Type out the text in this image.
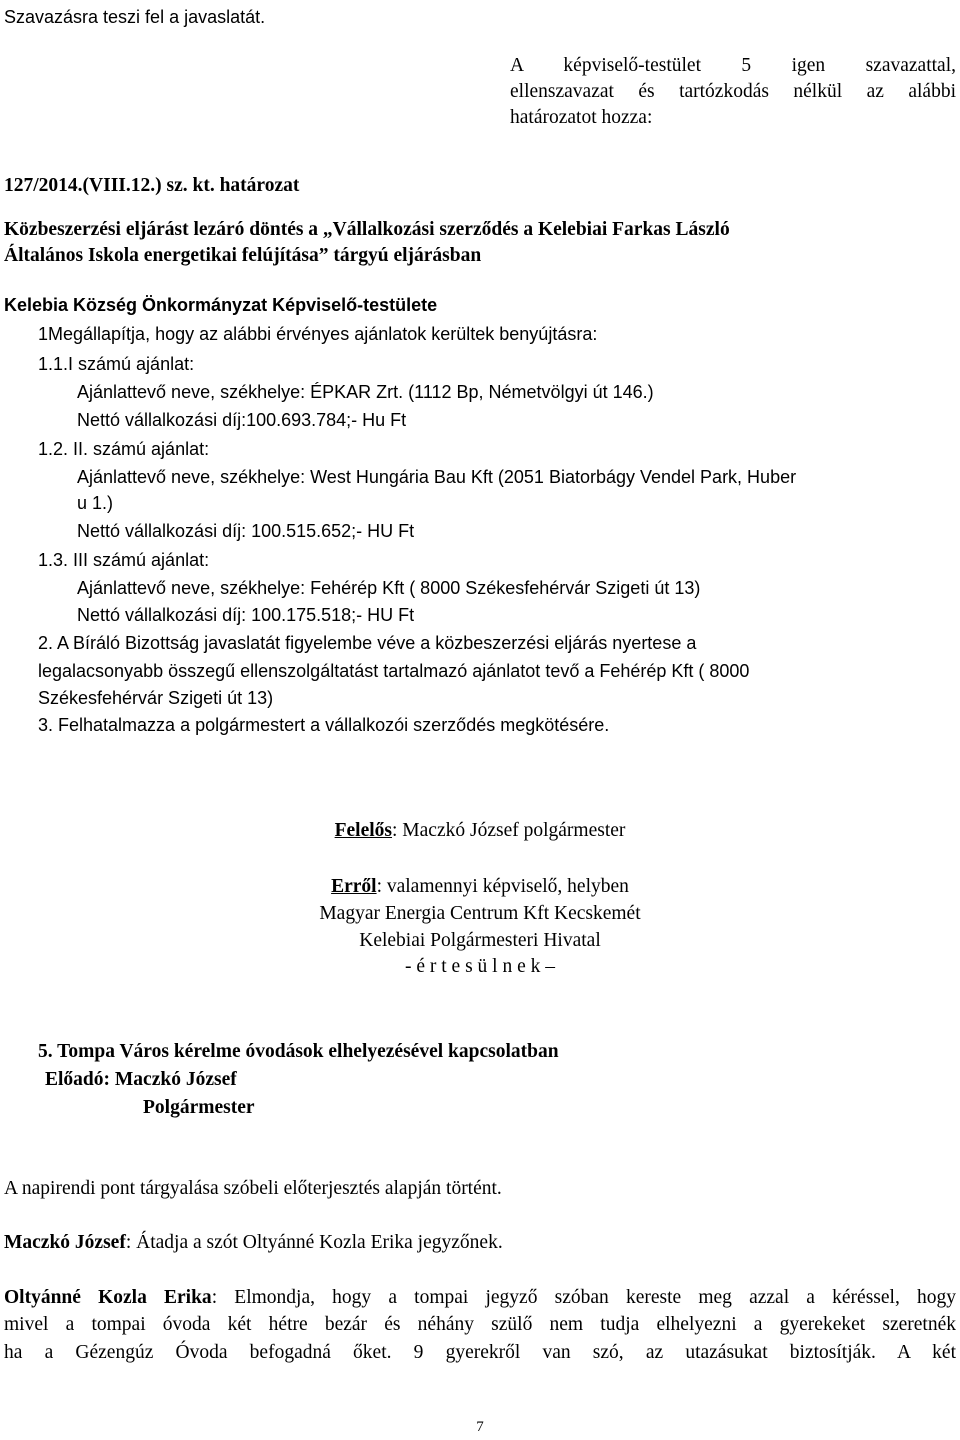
Szavazásra teszi fel a javaslatát.
A képviselő-testület 5 igen szavazattal,
ellenszavazat és tartózkodás nélkül az alábbi
határozatot hozza:
127/2014.(VIII.12.) sz. kt. határozat
Közbeszerzési eljárást lezáró döntés a „Vállalkozási szerződés a Kelebiai Farkas László
Általános Iskola energetikai felújítása” tárgyú eljárásban
Kelebia Község Önkormányzat Képviselő-testülete
1Megállapítja, hogy az alábbi érvényes ajánlatok kerültek benyújtásra:
1.1.I számú ajánlat:
Ajánlattevő neve, székhelye: ÉPKAR Zrt. (1112 Bp, Németvölgyi út 146.)
Nettó vállalkozási díj:100.693.784;- Hu Ft
1.2. II. számú ajánlat:
Ajánlattevő neve, székhelye: West Hungária Bau Kft (2051 Biatorbágy Vendel Park, Huber
u 1.)
Nettó vállalkozási díj: 100.515.652;- HU Ft
1.3. III számú ajánlat:
Ajánlattevő neve, székhelye: Fehérép Kft ( 8000 Székesfehérvár Szigeti út 13)
Nettó vállalkozási díj: 100.175.518;- HU Ft
2. A Bíráló Bizottság javaslatát figyelembe véve a közbeszerzési eljárás nyertese a
legalacsonyabb összegű ellenszolgáltatást tartalmazó ajánlatot tevő a Fehérép Kft ( 8000
Székesfehérvár Szigeti út 13)
3. Felhatalmazza a polgármestert a vállalkozói szerződés megkötésére.
Felelős: Maczkó József polgármester
Erről: valamennyi képviselő, helyben
Magyar Energia Centrum Kft Kecskemét
Kelebiai Polgármesteri Hivatal
- é r t e s ü l n e k –
5. Tompa Város kérelme óvodások elhelyezésével kapcsolatban
Előadó: Maczkó József
Polgármester
A napirendi pont tárgyalása szóbeli előterjesztés alapján történt.
Maczkó József: Átadja a szót Oltyánné Kozla Erika jegyzőnek.
Oltyánné Kozla Erika: Elmondja, hogy a tompai jegyző szóban kereste meg azzal a kéréssel, hogy
mivel a tompai óvoda két hétre bezár és néhány szülő nem tudja elhelyezni a gyerekeket szeretnék
ha a Gézengúz Óvoda befogadná őket. 9 gyerekről van szó, az utazásukat biztosítják. A két
7
